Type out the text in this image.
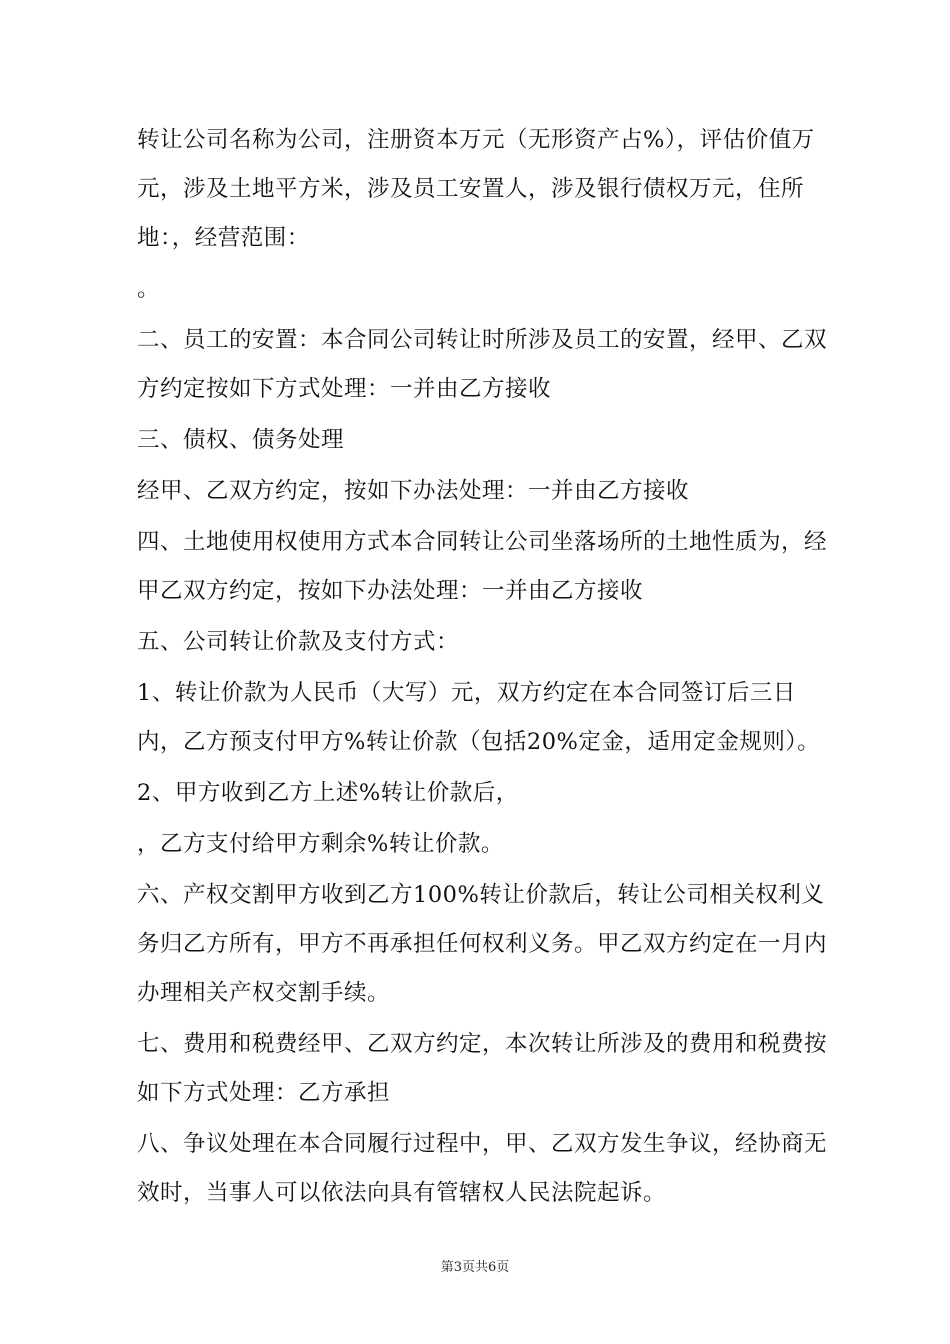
转让公司名称为公司，注册资本万元（无形资产占%），评估价值万元，涉及土地平方米，涉及员工安置人，涉及银行债权万元，住所地：，经营范围：

。

二、员工的安置：本合同公司转让时所涉及员工的安置，经甲、乙双方约定按如下方式处理：一并由乙方接收

三、债权、债务处理

经甲、乙双方约定，按如下办法处理：一并由乙方接收

四、土地使用权使用方式本合同转让公司坐落场所的土地性质为，经甲乙双方约定，按如下办法处理：一并由乙方接收

五、公司转让价款及支付方式：

1、转让价款为人民币（大写）元，双方约定在本合同签订后三日内，乙方预支付甲方%转让价款（包括20%定金，适用定金规则）。

2、甲方收到乙方上述%转让价款后，

，乙方支付给甲方剩余%转让价款。

六、产权交割甲方收到乙方100%转让价款后，转让公司相关权利义务归乙方所有，甲方不再承担任何权利义务。甲乙双方约定在一月内办理相关产权交割手续。

七、费用和税费经甲、乙双方约定，本次转让所涉及的费用和税费按如下方式处理：乙方承担

八、争议处理在本合同履行过程中，甲、乙双方发生争议，经协商无效时，当事人可以依法向具有管辖权人民法院起诉。

第3页共6页
